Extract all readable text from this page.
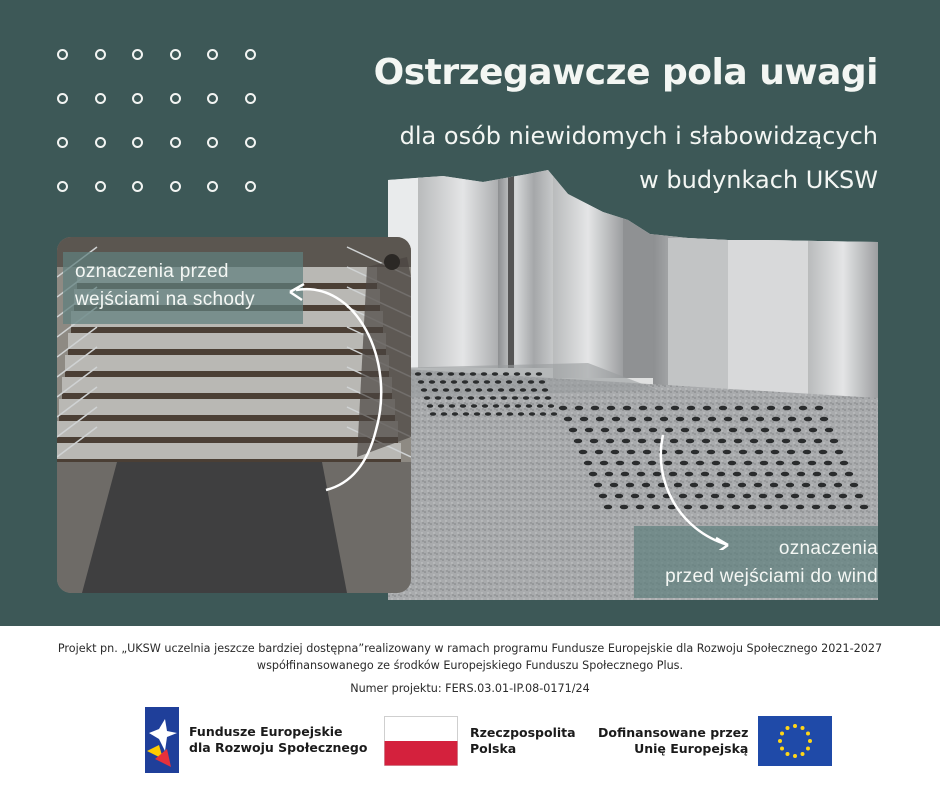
Ostrzegawcze pola uwagi
dla osób niewidomych i słabowidzących
w budynkach UKSW
oznaczenia przed
wejściami na schody
oznaczenia
przed wejściami do wind
Projekt pn. „UKSW uczelnia jeszcze bardziej dostępna”realizowany w ramach programu Fundusze Europejskie dla Rozwoju Społecznego 2021-2027
współfinansowanego ze środków Europejskiego Funduszu Społecznego Plus.
Numer projektu: FERS.03.01-IP.08-0171/24
Fundusze Europejskie
dla Rozwoju Społecznego
Rzeczpospolita
Polska
Dofinansowane przez
Unię Europejską
